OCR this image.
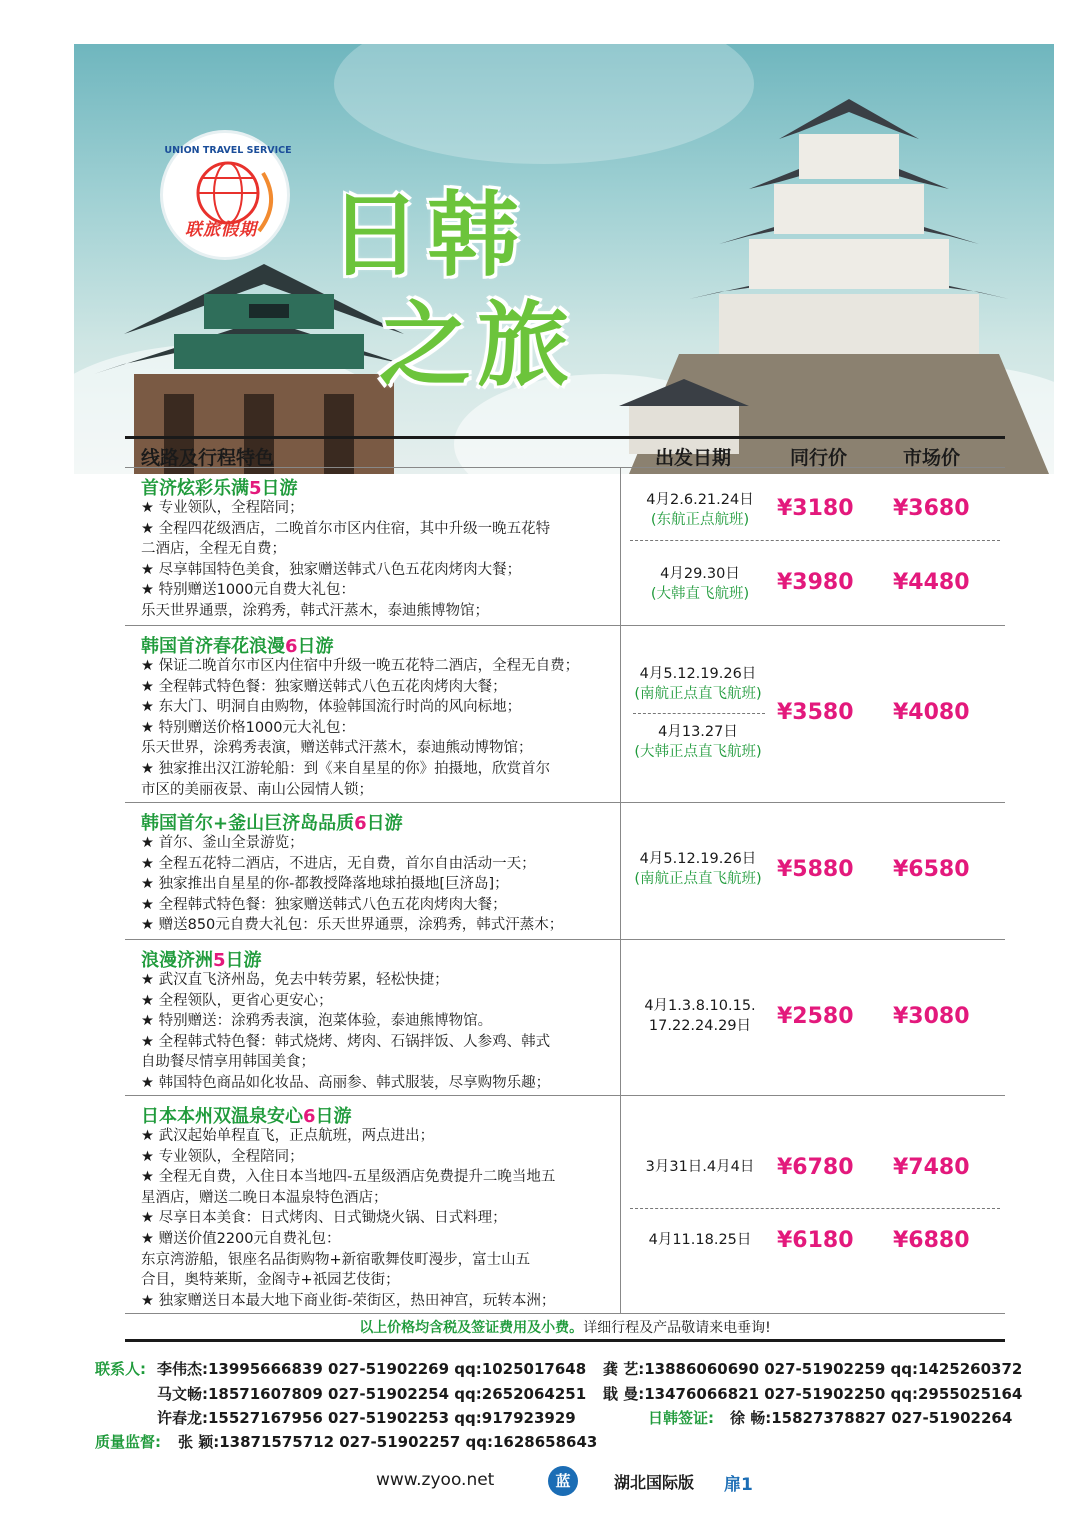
UNION TRAVEL SERVICE
联旅假期 日韩
之旅
线路及行程特色	出发日期	同行价	市场价
首济炫彩乐满5日游
★ 专业领队，全程陪同；
★ 全程四花级酒店，二晚首尔市区内住宿，其中升级一晚五花特
二酒店，全程无自费；
★ 尽享韩国特色美食，独家赠送韩式八色五花肉烤肉大餐；
★ 特别赠送1000元自费大礼包：
乐天世界通票，涂鸦秀，韩式汗蒸木，泰迪熊博物馆；
4月2.6.21.24日
(东航正点航班)	¥3180 ¥3680
4月29.30日
(大韩直飞航班)	¥3980 ¥4480
韩国首济春花浪漫6日游
★ 保证二晚首尔市区内住宿中升级一晚五花特二酒店，全程无自费；
★ 全程韩式特色餐：独家赠送韩式八色五花肉烤肉大餐；
★ 东大门、明洞自由购物，体验韩国流行时尚的风向标地；
★ 特别赠送价格1000元大礼包：
乐天世界，涂鸦秀表演，赠送韩式汗蒸木，泰迪熊动博物馆；
★ 独家推出汉江游轮船：到《来自星星的你》拍摄地，欣赏首尔
市区的美丽夜景、南山公园情人锁；
4月5.12.19.26日
(南航正点直飞航班)
4月13.27日
(大韩正点直飞航班)
¥3580 ¥4080
韩国首尔+釜山巨济岛品质6日游
★ 首尔、釜山全景游览；
★ 全程五花特二酒店，不进店，无自费，首尔自由活动一天；
★ 独家推出自星星的你-都教授降落地球拍摄地[巨济岛]；
★ 全程韩式特色餐：独家赠送韩式八色五花肉烤肉大餐；
★ 赠送850元自费大礼包：乐天世界通票，涂鸦秀，韩式汗蒸木；
4月5.12.19.26日
(南航正点直飞航班) ¥5880 ¥6580
浪漫济洲5日游
★ 武汉直飞济州岛，免去中转劳累，轻松快捷；
★ 全程领队，更省心更安心；
★ 特别赠送：涂鸦秀表演，泡菜体验，泰迪熊博物馆。
★ 全程韩式特色餐：韩式烧烤、烤肉、石锅拌饭、人参鸡、韩式
自助餐尽情享用韩国美食；
★ 韩国特色商品如化妆品、高丽参、韩式服装，尽享购物乐趣；
4月1.3.8.10.15.
17.22.24.29日	¥2580 ¥3080
日本本州双温泉安心6日游
★ 武汉起始单程直飞，正点航班，两点进出；
★ 专业领队，全程陪同；
★ 全程无自费，入住日本当地四-五星级酒店免费提升二晚当地五
星酒店，赠送二晚日本温泉特色酒店；
★ 尽享日本美食：日式烤肉、日式锄烧火锅、日式料理；
★ 赠送价值2200元自费礼包：
东京湾游船，银座名品街购物+新宿歌舞伎町漫步，富士山五
合目，奥特莱斯，金阁寺+祇园艺伎街；
★ 独家赠送日本最大地下商业街-荣街区，热田神宫，玩转本洲；
3月31日.4月4日	¥6780 ¥7480
4月11.18.25日	¥6180 ¥6880
以上价格均含税及签证费用及小费。详细行程及产品敬请来电垂询!
联系人: 李伟杰:13995666839 027-51902269 qq:1025017648 龚 艺:13886060690 027-51902259 qq:1425260372
马文畅:18571607809 027-51902254 qq:2652064251 戢 曼:13476066821 027-51902250 qq:2955025164
许春龙:15527167956 027-51902253 qq:917923929	日韩签证: 徐 畅:15827378827 027-51902264
质量监督: 张 颖:13871575712 027-51902257 qq:1628658643
www.zyoo.net	蓝	湖北国际版 扉1
